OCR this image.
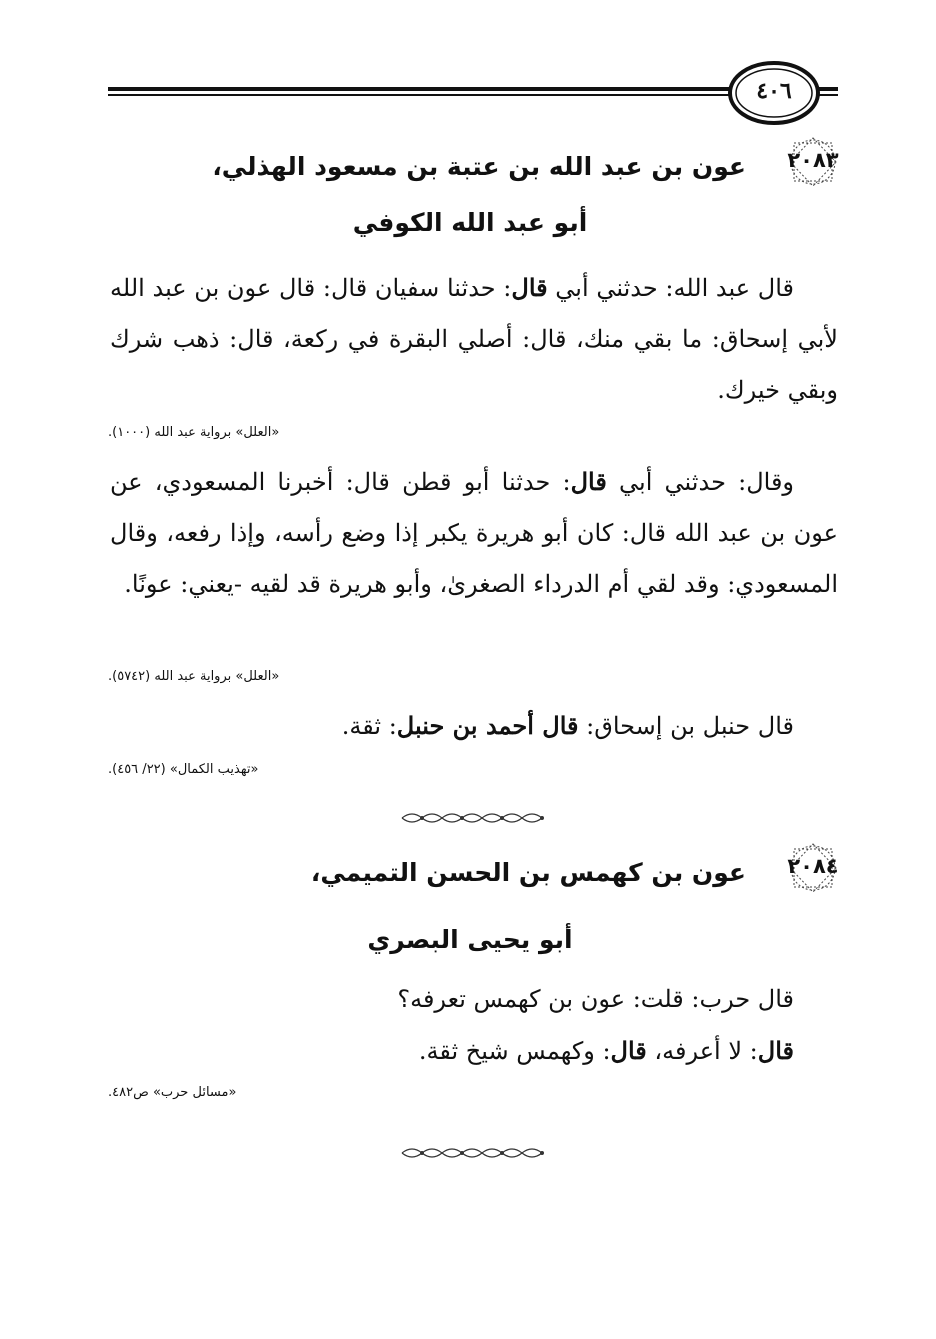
٤٠٦
٢٠٨٣
عون بن عبد الله بن عتبة بن مسعود الهذلي،
أبو عبد الله الكوفي
قال عبد الله: حدثني أبي قال: حدثنا سفيان قال: قال عون بن عبد الله لأبي إسحاق: ما بقي منك، قال: أصلي البقرة في ركعة، قال: ذهب شرك وبقي خيرك.
«العلل» برواية عبد الله (١٠٠٠).
وقال: حدثني أبي قال: حدثنا أبو قطن قال: أخبرنا المسعودي، عن عون بن عبد الله قال: كان أبو هريرة يكبر إذا وضع رأسه، وإذا رفعه، وقال المسعودي: وقد لقي أم الدرداء الصغرىٰ، وأبو هريرة قد لقيه -يعني: عونًا.
«العلل» برواية عبد الله (٥٧٤٢).
قال حنبل بن إسحاق: قال أحمد بن حنبل: ثقة.
«تهذيب الكمال» (٢٢/ ٤٥٦).
٢٠٨٤
عون بن كهمس بن الحسن التميمي،
أبو يحيى البصري
قال حرب: قلت: عون بن كهمس تعرفه؟
قال: لا أعرفه، قال: وكهمس شيخ ثقة.
«مسائل حرب» ص٤٨٢.
